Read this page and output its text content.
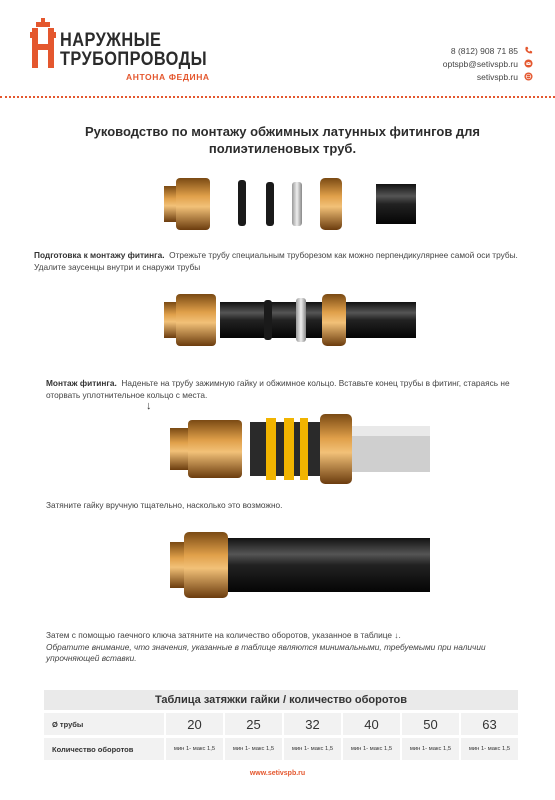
НАРУЖНЫЕ
ТРУБОПРОВОДЫ
АНТОНА ФЕДИНА
8 (812) 908 71 85
optspb@setivspb.ru
setivspb.ru
Руководство по монтажу обжимных латунных фитингов для полиэтиленовых труб.
Подготовка к монтажу фитинга. Отрежьте трубу специальным труборезом как можно перпендикулярнее самой оси трубы. Удалите заусенцы внутри и снаружи трубы
Монтаж фитинга. Наденьте на трубу зажимную гайку и обжимное кольцо. Вставьте конец трубы в фитинг, стараясь не оторвать уплотнительное кольцо с места.
↓
Затяните гайку вручную тщательно, насколько это возможно.
Затем с помощью гаечного ключа затяните на количество оборотов, указанное в таблице ↓.
Обратите внимание, что значения, указанные в таблице являются минимальными, требуемыми при наличии упрочняющей вставки.
Таблица затяжки гайки / количество оборотов
Ø трубы	20	25	32	40	50	63
Количество оборотов	мин 1- макс 1,5	мин 1- макс 1,5	мин 1- макс 1,5	мин 1- макс 1,5	мин 1- макс 1,5	мин 1- макс 1,5
www.setivspb.ru
